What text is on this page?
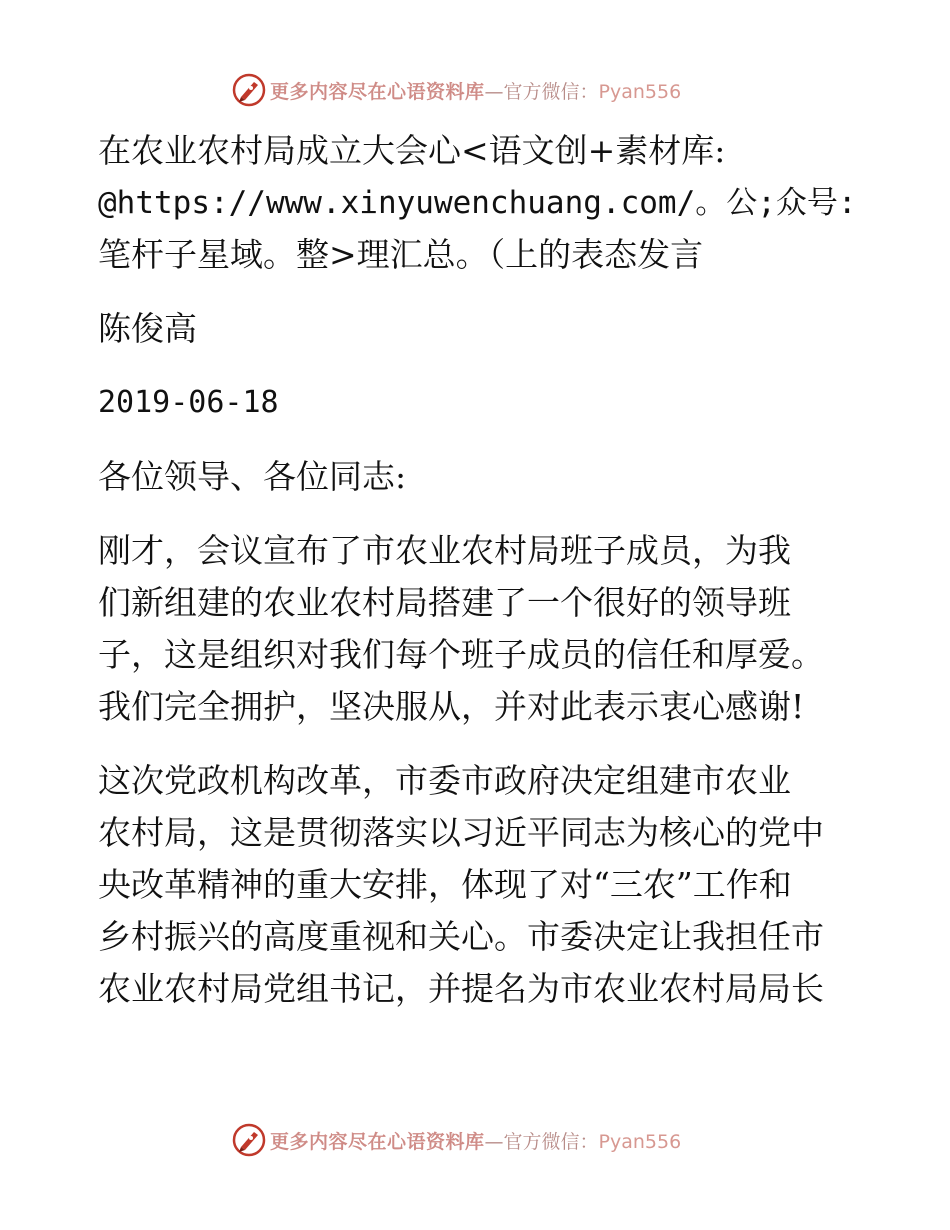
更多内容尽在心语资料库—官方微信：Pyan556

在农业农村局成立大会心<语文创+素材库:
@https://www.xinyuwenchuang.com/。公;众号:
笔杆子星域。整>理汇总。（上的表态发言

陈俊高

2019-06-18

各位领导、各位同志:

刚才，会议宣布了市农业农村局班子成员，为我
们新组建的农业农村局搭建了一个很好的领导班
子，这是组织对我们每个班子成员的信任和厚爱。
我们完全拥护，坚决服从，并对此表示衷心感谢!

这次党政机构改革，市委市政府决定组建市农业
农村局，这是贯彻落实以习近平同志为核心的党中
央改革精神的重大安排，体现了对“三农”工作和
乡村振兴的高度重视和关心。市委决定让我担任市
农业农村局党组书记，并提名为市农业农村局局长

更多内容尽在心语资料库—官方微信：Pyan556
